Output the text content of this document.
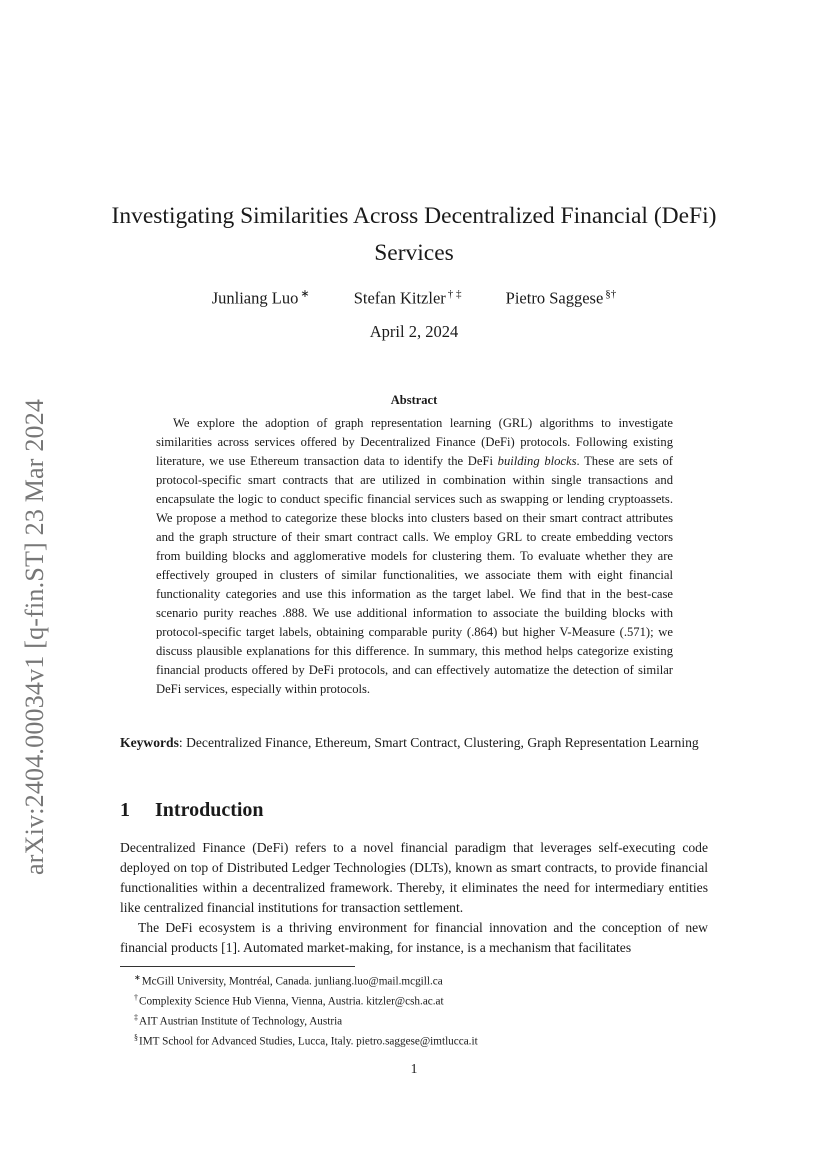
arXiv:2404.00034v1 [q-fin.ST] 23 Mar 2024
Investigating Similarities Across Decentralized Financial (DeFi) Services
Junliang Luo ∗	Stefan Kitzler † ‡	Pietro Saggese §†
April 2, 2024
Abstract

We explore the adoption of graph representation learning (GRL) algorithms to investigate similarities across services offered by Decentralized Finance (DeFi) protocols. Following existing literature, we use Ethereum transaction data to identify the DeFi building blocks. These are sets of protocol-specific smart contracts that are utilized in combination within single transactions and encapsulate the logic to conduct specific financial services such as swapping or lending cryptoassets. We propose a method to categorize these blocks into clusters based on their smart contract attributes and the graph structure of their smart contract calls. We employ GRL to create embedding vectors from building blocks and agglomerative models for clustering them. To evaluate whether they are effectively grouped in clusters of similar functionalities, we associate them with eight financial functionality categories and use this information as the target label. We find that in the best-case scenario purity reaches .888. We use additional information to associate the building blocks with protocol-specific target labels, obtaining comparable purity (.864) but higher V-Measure (.571); we discuss plausible explanations for this difference. In summary, this method helps categorize existing financial products offered by DeFi protocols, and can effectively automatize the detection of similar DeFi services, especially within protocols.

Keywords: Decentralized Finance, Ethereum, Smart Contract, Clustering, Graph Representation Learning

1 Introduction

Decentralized Finance (DeFi) refers to a novel financial paradigm that leverages self-executing code deployed on top of Distributed Ledger Technologies (DLTs), known as smart contracts, to provide financial functionalities within a decentralized framework. Thereby, it eliminates the need for intermediary entities like centralized financial institutions for transaction settlement.

The DeFi ecosystem is a thriving environment for financial innovation and the conception of new financial products [1]. Automated market-making, for instance, is a mechanism that facilitates

∗McGill University, Montréal, Canada. junliang.luo@mail.mcgill.ca
†Complexity Science Hub Vienna, Vienna, Austria. kitzler@csh.ac.at
‡AIT Austrian Institute of Technology, Austria
§IMT School for Advanced Studies, Lucca, Italy. pietro.saggese@imtlucca.it
1
